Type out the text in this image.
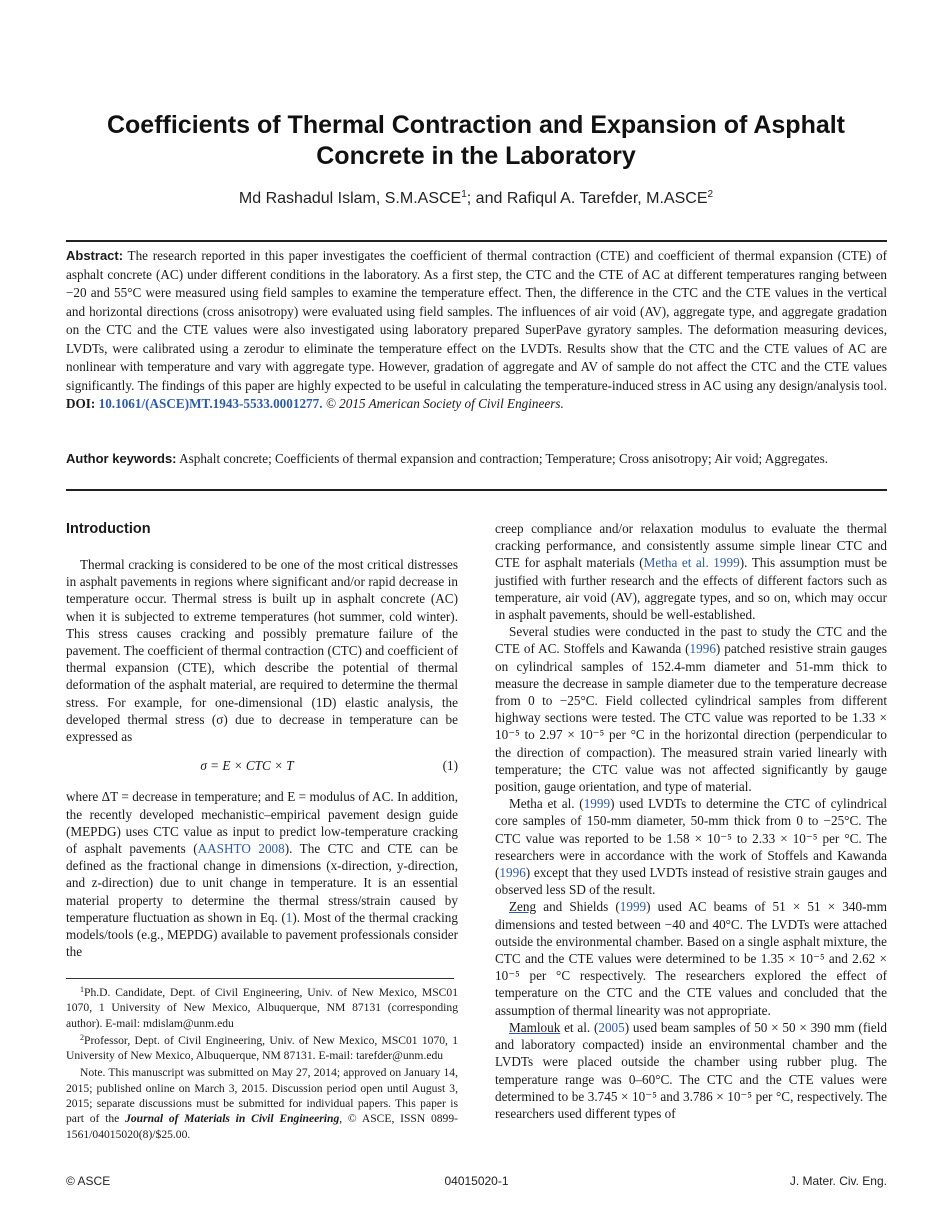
Coefficients of Thermal Contraction and Expansion of Asphalt Concrete in the Laboratory
Md Rashadul Islam, S.M.ASCE$^1$; and Rafiqul A. Tarefder, M.ASCE$^2$
Abstract: The research reported in this paper investigates the coefficient of thermal contraction (CTE) and coefficient of thermal expansion (CTE) of asphalt concrete (AC) under different conditions in the laboratory. As a first step, the CTC and the CTE of AC at different temperatures ranging between −20 and 55°C were measured using field samples to examine the temperature effect. Then, the difference in the CTC and the CTE values in the vertical and horizontal directions (cross anisotropy) were evaluated using field samples. The influences of air void (AV), aggregate type, and aggregate gradation on the CTC and the CTE values were also investigated using laboratory prepared SuperPave gyratory samples. The deformation measuring devices, LVDTs, were calibrated using a zerodur to eliminate the temperature effect on the LVDTs. Results show that the CTC and the CTE values of AC are nonlinear with temperature and vary with aggregate type. However, gradation of aggregate and AV of sample do not affect the CTC and the CTE values significantly. The findings of this paper are highly expected to be useful in calculating the temperature-induced stress in AC using any design/analysis tool. DOI: 10.1061/(ASCE)MT.1943-5533.0001277. © 2015 American Society of Civil Engineers.
Author keywords: Asphalt concrete; Coefficients of thermal expansion and contraction; Temperature; Cross anisotropy; Air void; Aggregates.
Introduction

Thermal cracking is considered to be one of the most critical distresses in asphalt pavements in regions where significant and/or rapid decrease in temperature occur. Thermal stress is built up in asphalt concrete (AC) when it is subjected to extreme temperatures (hot summer, cold winter). This stress causes cracking and possibly premature failure of the pavement. The coefficient of thermal contraction (CTC) and coefficient of thermal expansion (CTE), which describe the potential of thermal deformation of the asphalt material, are required to determine the thermal stress. For example, for one-dimensional (1D) elastic analysis, the developed thermal stress (σ) due to decrease in temperature can be expressed as

σ = E × CTC × T	(1)

where ΔT = decrease in temperature; and E = modulus of AC. In addition, the recently developed mechanistic–empirical pavement design guide (MEPDG) uses CTC value as input to predict low-temperature cracking of asphalt pavements (AASHTO 2008). The CTC and CTE can be defined as the fractional change in dimensions (x-direction, y-direction, and z-direction) due to unit change in temperature. It is an essential material property to determine the thermal stress/strain caused by temperature fluctuation as shown in Eq. (1). Most of the thermal cracking models/tools (e.g., MEPDG) available to pavement professionals consider the

$^1$Ph.D. Candidate, Dept. of Civil Engineering, Univ. of New Mexico, MSC01 1070, 1 University of New Mexico, Albuquerque, NM 87131 (corresponding author). E-mail: mdislam@unm.edu

$^2$Professor, Dept. of Civil Engineering, Univ. of New Mexico, MSC01 1070, 1 University of New Mexico, Albuquerque, NM 87131. E-mail: tarefder@unm.edu

Note. This manuscript was submitted on May 27, 2014; approved on January 14, 2015; published online on March 3, 2015. Discussion period open until August 3, 2015; separate discussions must be submitted for individual papers. This paper is part of the Journal of Materials in Civil Engineering, © ASCE, ISSN 0899-1561/04015020(8)/$25.00.

creep compliance and/or relaxation modulus to evaluate the thermal cracking performance, and consistently assume simple linear CTC and CTE for asphalt materials (Metha et al. 1999). This assumption must be justified with further research and the effects of different factors such as temperature, air void (AV), aggregate types, and so on, which may occur in asphalt pavements, should be well-established.

Several studies were conducted in the past to study the CTC and the CTE of AC. Stoffels and Kawanda (1996) patched resistive strain gauges on cylindrical samples of 152.4-mm diameter and 51-mm thick to measure the decrease in sample diameter due to the temperature decrease from 0 to −25°C. Field collected cylindrical samples from different highway sections were tested. The CTC value was reported to be 1.33 × 10⁻⁵ to 2.97 × 10⁻⁵ per °C in the horizontal direction (perpendicular to the direction of compaction). The measured strain varied linearly with temperature; the CTC value was not affected significantly by gauge position, gauge orientation, and type of material.

Metha et al. (1999) used LVDTs to determine the CTC of cylindrical core samples of 150-mm diameter, 50-mm thick from 0 to −25°C. The CTC value was reported to be 1.58 × 10⁻⁵ to 2.33 × 10⁻⁵ per °C. The researchers were in accordance with the work of Stoffels and Kawanda (1996) except that they used LVDTs instead of resistive strain gauges and observed less SD of the result.

Zeng and Shields (1999) used AC beams of 51 × 51 × 340-mm dimensions and tested between −40 and 40°C. The LVDTs were attached outside the environmental chamber. Based on a single asphalt mixture, the CTC and the CTE values were determined to be 1.35 × 10⁻⁵ and 2.62 × 10⁻⁵ per °C respectively. The researchers explored the effect of temperature on the CTC and the CTE values and concluded that the assumption of thermal linearity was not appropriate.

Mamlouk et al. (2005) used beam samples of 50 × 50 × 390 mm (field and laboratory compacted) inside an environmental chamber and the LVDTs were placed outside the chamber using rubber plug. The temperature range was 0–60°C. The CTC and the CTE values were determined to be 3.745 × 10⁻⁵ and 3.786 × 10⁻⁵ per °C, respectively. The researchers used different types of

© ASCE	04015020-1	J. Mater. Civ. Eng.
